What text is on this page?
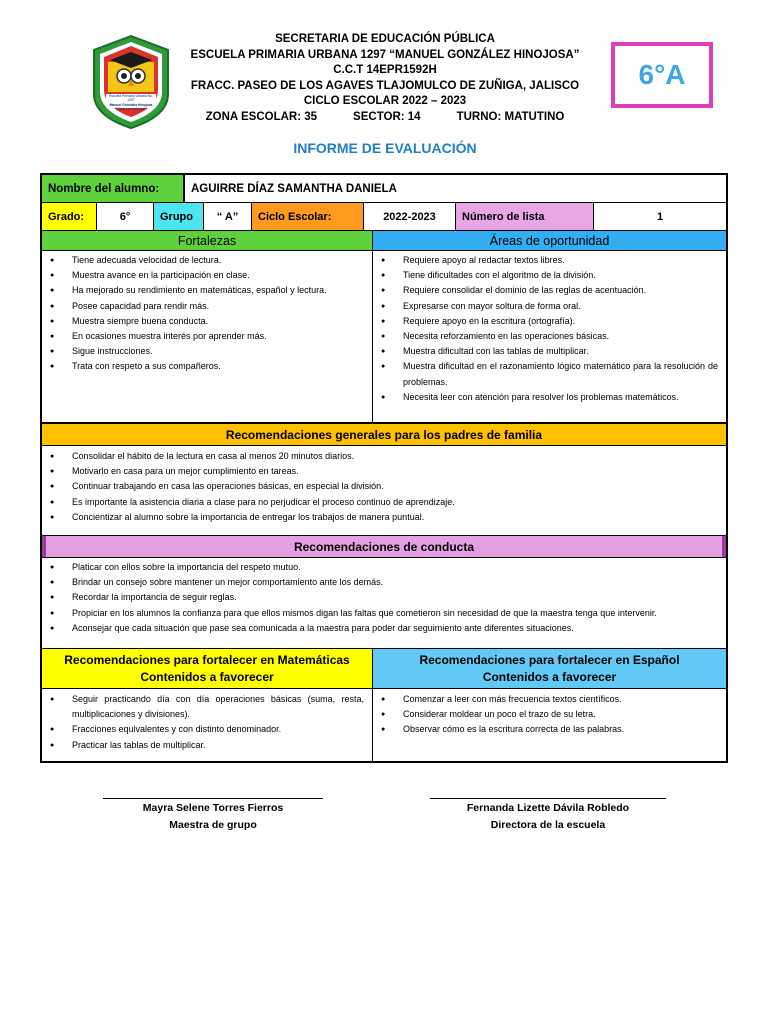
Escuela Primaria Urbana No. 1297
Manuel González Hinojosa
"Crear con voluntad"
SECRETARIA DE EDUCACIÓN PÚBLICA
ESCUELA PRIMARIA URBANA 1297 “MANUEL GONZÁLEZ HINOJOSA”
C.C.T 14EPR1592H
FRACC. PASEO DE LOS AGAVES TLAJOMULCO DE ZUÑIGA, JALISCO
CICLO ESCOLAR 2022 – 2023
ZONA ESCOLAR: 35	SECTOR: 14	TURNO: MATUTINO
INFORME DE EVALUACIÓN
6°A
Nombre del alumno:	AGUIRRE DÍAZ SAMANTHA DANIELA
Grado:	6°	Grupo	“ A”	Ciclo Escolar:	2022-2023	Número de lista	1
Fortalezas	Áreas de oportunidad
● Tiene adecuada velocidad de lectura.
● Muestra avance en la participación en clase.
● Ha mejorado su rendimiento en matemáticas, español y lectura.
● Posee capacidad para rendir más.
● Muestra siempre buena conducta.
● En ocasiones muestra interés por aprender más.
● Sigue instrucciones.
● Trata con respeto a sus compañeros.
● Requiere apoyo al redactar textos libres.
● Tiene dificultades con el algoritmo de la división.
● Requiere consolidar el dominio de las reglas de acentuación.
● Expresarse con mayor soltura de forma oral.
● Requiere apoyo en la escritura (ortografía).
● Necesita reforzamiento en las operaciones básicas.
● Muestra dificultad con las tablas de multiplicar.
● Muestra dificultad en el razonamiento lógico matemático para la resolución de problemas.
● Necesita leer con atención para resolver los problemas matemáticos.
Recomendaciones generales para los padres de familia
● Consolidar el hábito de la lectura en casa al menos 20 minutos diarios.
● Motivarlo en casa para un mejor cumplimiento en tareas.
● Continuar trabajando en casa las operaciones básicas, en especial la división.
● Es importante la asistencia diaria a clase para no perjudicar el proceso continuo de aprendizaje.
● Concientizar al alumno sobre la importancia de entregar los trabajos de manera puntual.
Recomendaciones de conducta
● Platicar con ellos sobre la importancia del respeto mutuo.
● Brindar un consejo sobre mantener un mejor comportamiento ante los demás.
● Recordar la importancia de seguir reglas.
● Propiciar en los alumnos la confianza para que ellos mismos digan las faltas que cometieron sin necesidad de que la maestra tenga que intervenir.
● Aconsejar que cada situación que pase sea comunicada a la maestra para poder dar seguimiento ante diferentes situaciones.
Recomendaciones para fortalecer en Matemáticas
Contenidos a favorecer
Recomendaciones para fortalecer en Español
Contenidos a favorecer
● Seguir practicando día con día operaciones básicas (suma, resta, multiplicaciones y divisiones).
● Fracciones equivalentes y con distinto denominador.
● Practicar las tablas de multiplicar.
● Comenzar a leer con más frecuencia textos científicos.
● Considerar moldear un poco el trazo de su letra.
● Observar cómo es la escritura correcta de las palabras.
Mayra Selene Torres Fierros
Maestra de grupo
Fernanda Lizette Dávila Robledo
Directora de la escuela
